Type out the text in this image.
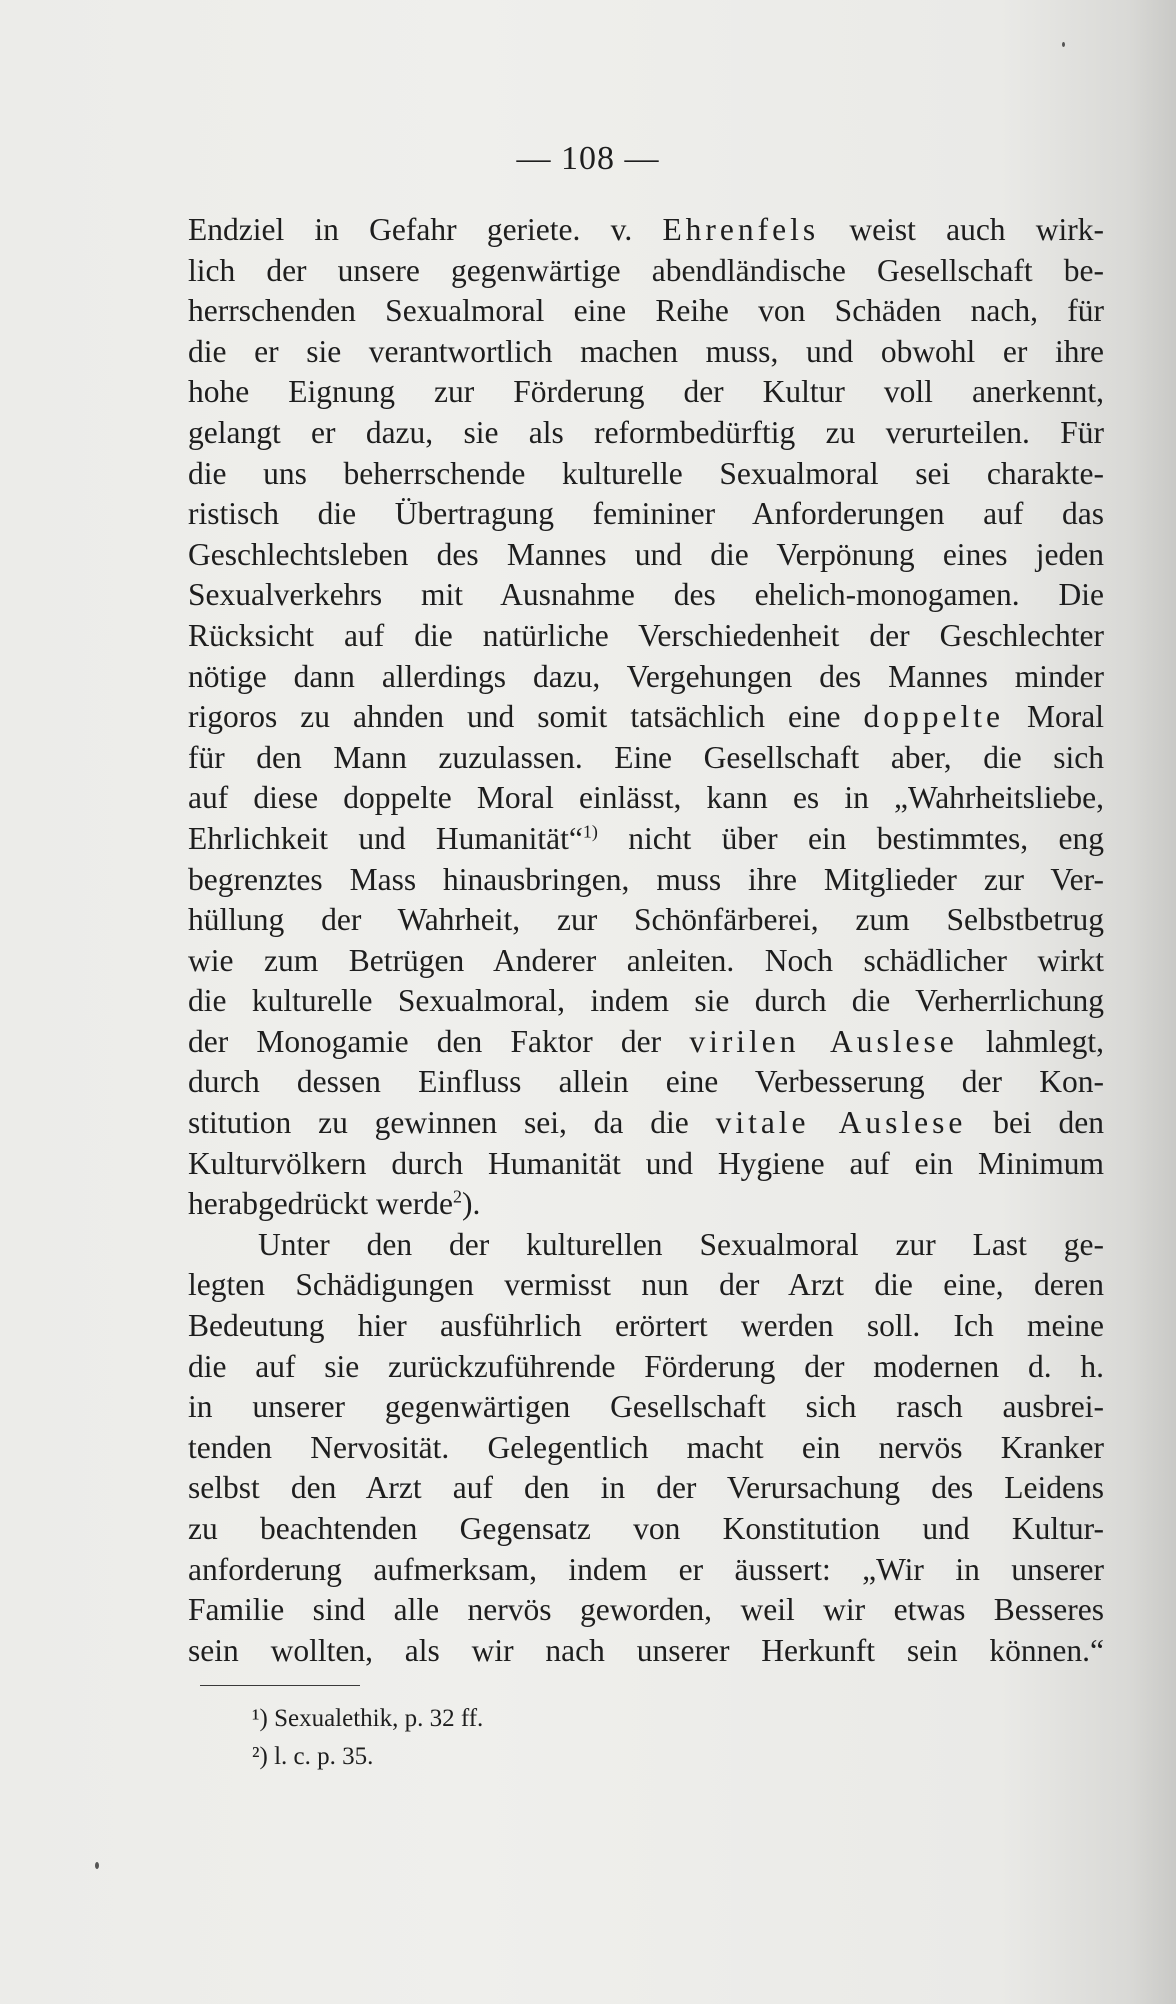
— 108 —
Endziel in Gefahr geriete. v. Ehrenfels weist auch wirk-
lich der unsere gegenwärtige abendländische Gesellschaft be-
herrschenden Sexualmoral eine Reihe von Schäden nach, für
die er sie verantwortlich machen muss, und obwohl er ihre
hohe Eignung zur Förderung der Kultur voll anerkennt,
gelangt er dazu, sie als reformbedürftig zu verurteilen. Für
die uns beherrschende kulturelle Sexualmoral sei charakte-
ristisch die Übertragung femininer Anforderungen auf das
Geschlechtsleben des Mannes und die Verpönung eines jeden
Sexualverkehrs mit Ausnahme des ehelich-monogamen. Die
Rücksicht auf die natürliche Verschiedenheit der Geschlechter
nötige dann allerdings dazu, Vergehungen des Mannes minder
rigoros zu ahnden und somit tatsächlich eine doppelte Moral
für den Mann zuzulassen. Eine Gesellschaft aber, die sich
auf diese doppelte Moral einlässt, kann es in „Wahrheitsliebe,
Ehrlichkeit und Humanität“$^{1)}$ nicht über ein bestimmtes, eng
begrenztes Mass hinausbringen, muss ihre Mitglieder zur Ver-
hüllung der Wahrheit, zur Schönfärberei, zum Selbstbetrug
wie zum Betrügen Anderer anleiten. Noch schädlicher wirkt
die kulturelle Sexualmoral, indem sie durch die Verherrlichung
der Monogamie den Faktor der virilen Auslese lahmlegt,
durch dessen Einfluss allein eine Verbesserung der Kon-
stitution zu gewinnen sei, da die vitale Auslese bei den
Kulturvölkern durch Humanität und Hygiene auf ein Minimum
herabgedrückt werde$^2$).
Unter den der kulturellen Sexualmoral zur Last ge-
legten Schädigungen vermisst nun der Arzt die eine, deren
Bedeutung hier ausführlich erörtert werden soll. Ich meine
die auf sie zurückzuführende Förderung der modernen d. h.
in unserer gegenwärtigen Gesellschaft sich rasch ausbrei-
tenden Nervosität. Gelegentlich macht ein nervös Kranker
selbst den Arzt auf den in der Verursachung des Leidens
zu beachtenden Gegensatz von Konstitution und Kultur-
anforderung aufmerksam, indem er äussert: „Wir in unserer
Familie sind alle nervös geworden, weil wir etwas Besseres
sein wollten, als wir nach unserer Herkunft sein können.“
¹) Sexualethik, p. 32 ff.
²) l. c. p. 35.
